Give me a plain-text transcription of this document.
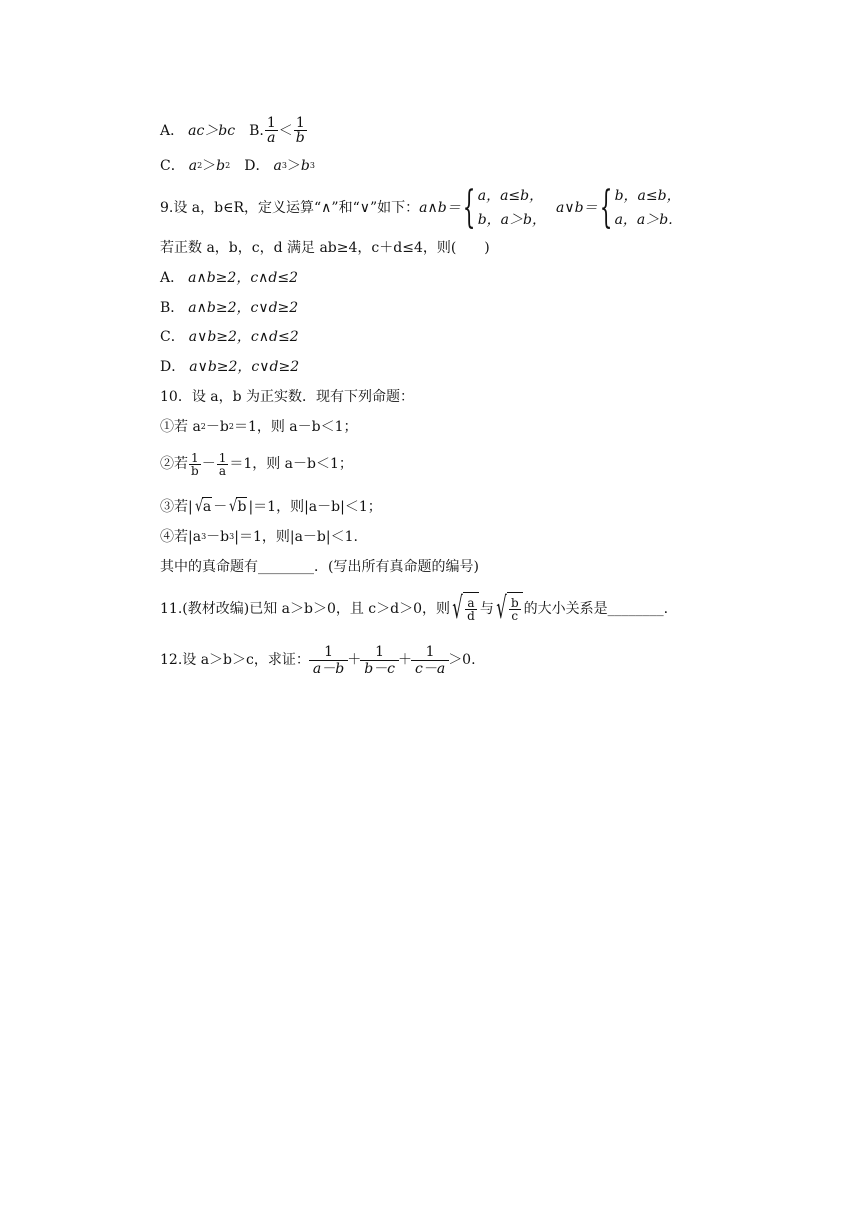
A． ac＞bc B. $\frac{1}{a} < \frac{1}{b}$
C． a 2 ＞ b 2 D． a 3 ＞ b 3
9.设 a，b∈R，定义运算“∧”和“∨”如下： a∧b＝ { a，a≤b，
b，a＞b，
a∨b＝ { b，a≤b，
a，a＞b.
若正数 a，b，c，d 满足 ab≥4，c＋d≤4，则(　　)
A． a∧b≥2，c∧d≤2
B． a∧b≥2，c∨d≥2
C． a∨b≥2，c∧d≤2
D． a∨b≥2，c∨d≥2
10．设 a，b 为正实数．现有下列命题：
①若 a 2 －b 2 ＝1，则 a－b＜1；
②若 $\frac{1}{b} - \frac{1}{a} =1$，则 a－b＜1；
③若| √ a － √ b |＝1，则|a－b|＜1；
④若|a 3 －b 3 |＝1，则|a－b|＜1.
其中的真命题有________．(写出所有真命题的编号)
11.(教材改编)已知 a＞b＞0，且 c＞d＞0，则 √ $\frac{a}{d}$ 与 √ $\frac{b}{c}$ 的大小关系是________.
12.设 a＞b＞c，求证： $\frac{1}{a-b} + \frac{1}{b-c} + \frac{1}{c-a} >0$.
